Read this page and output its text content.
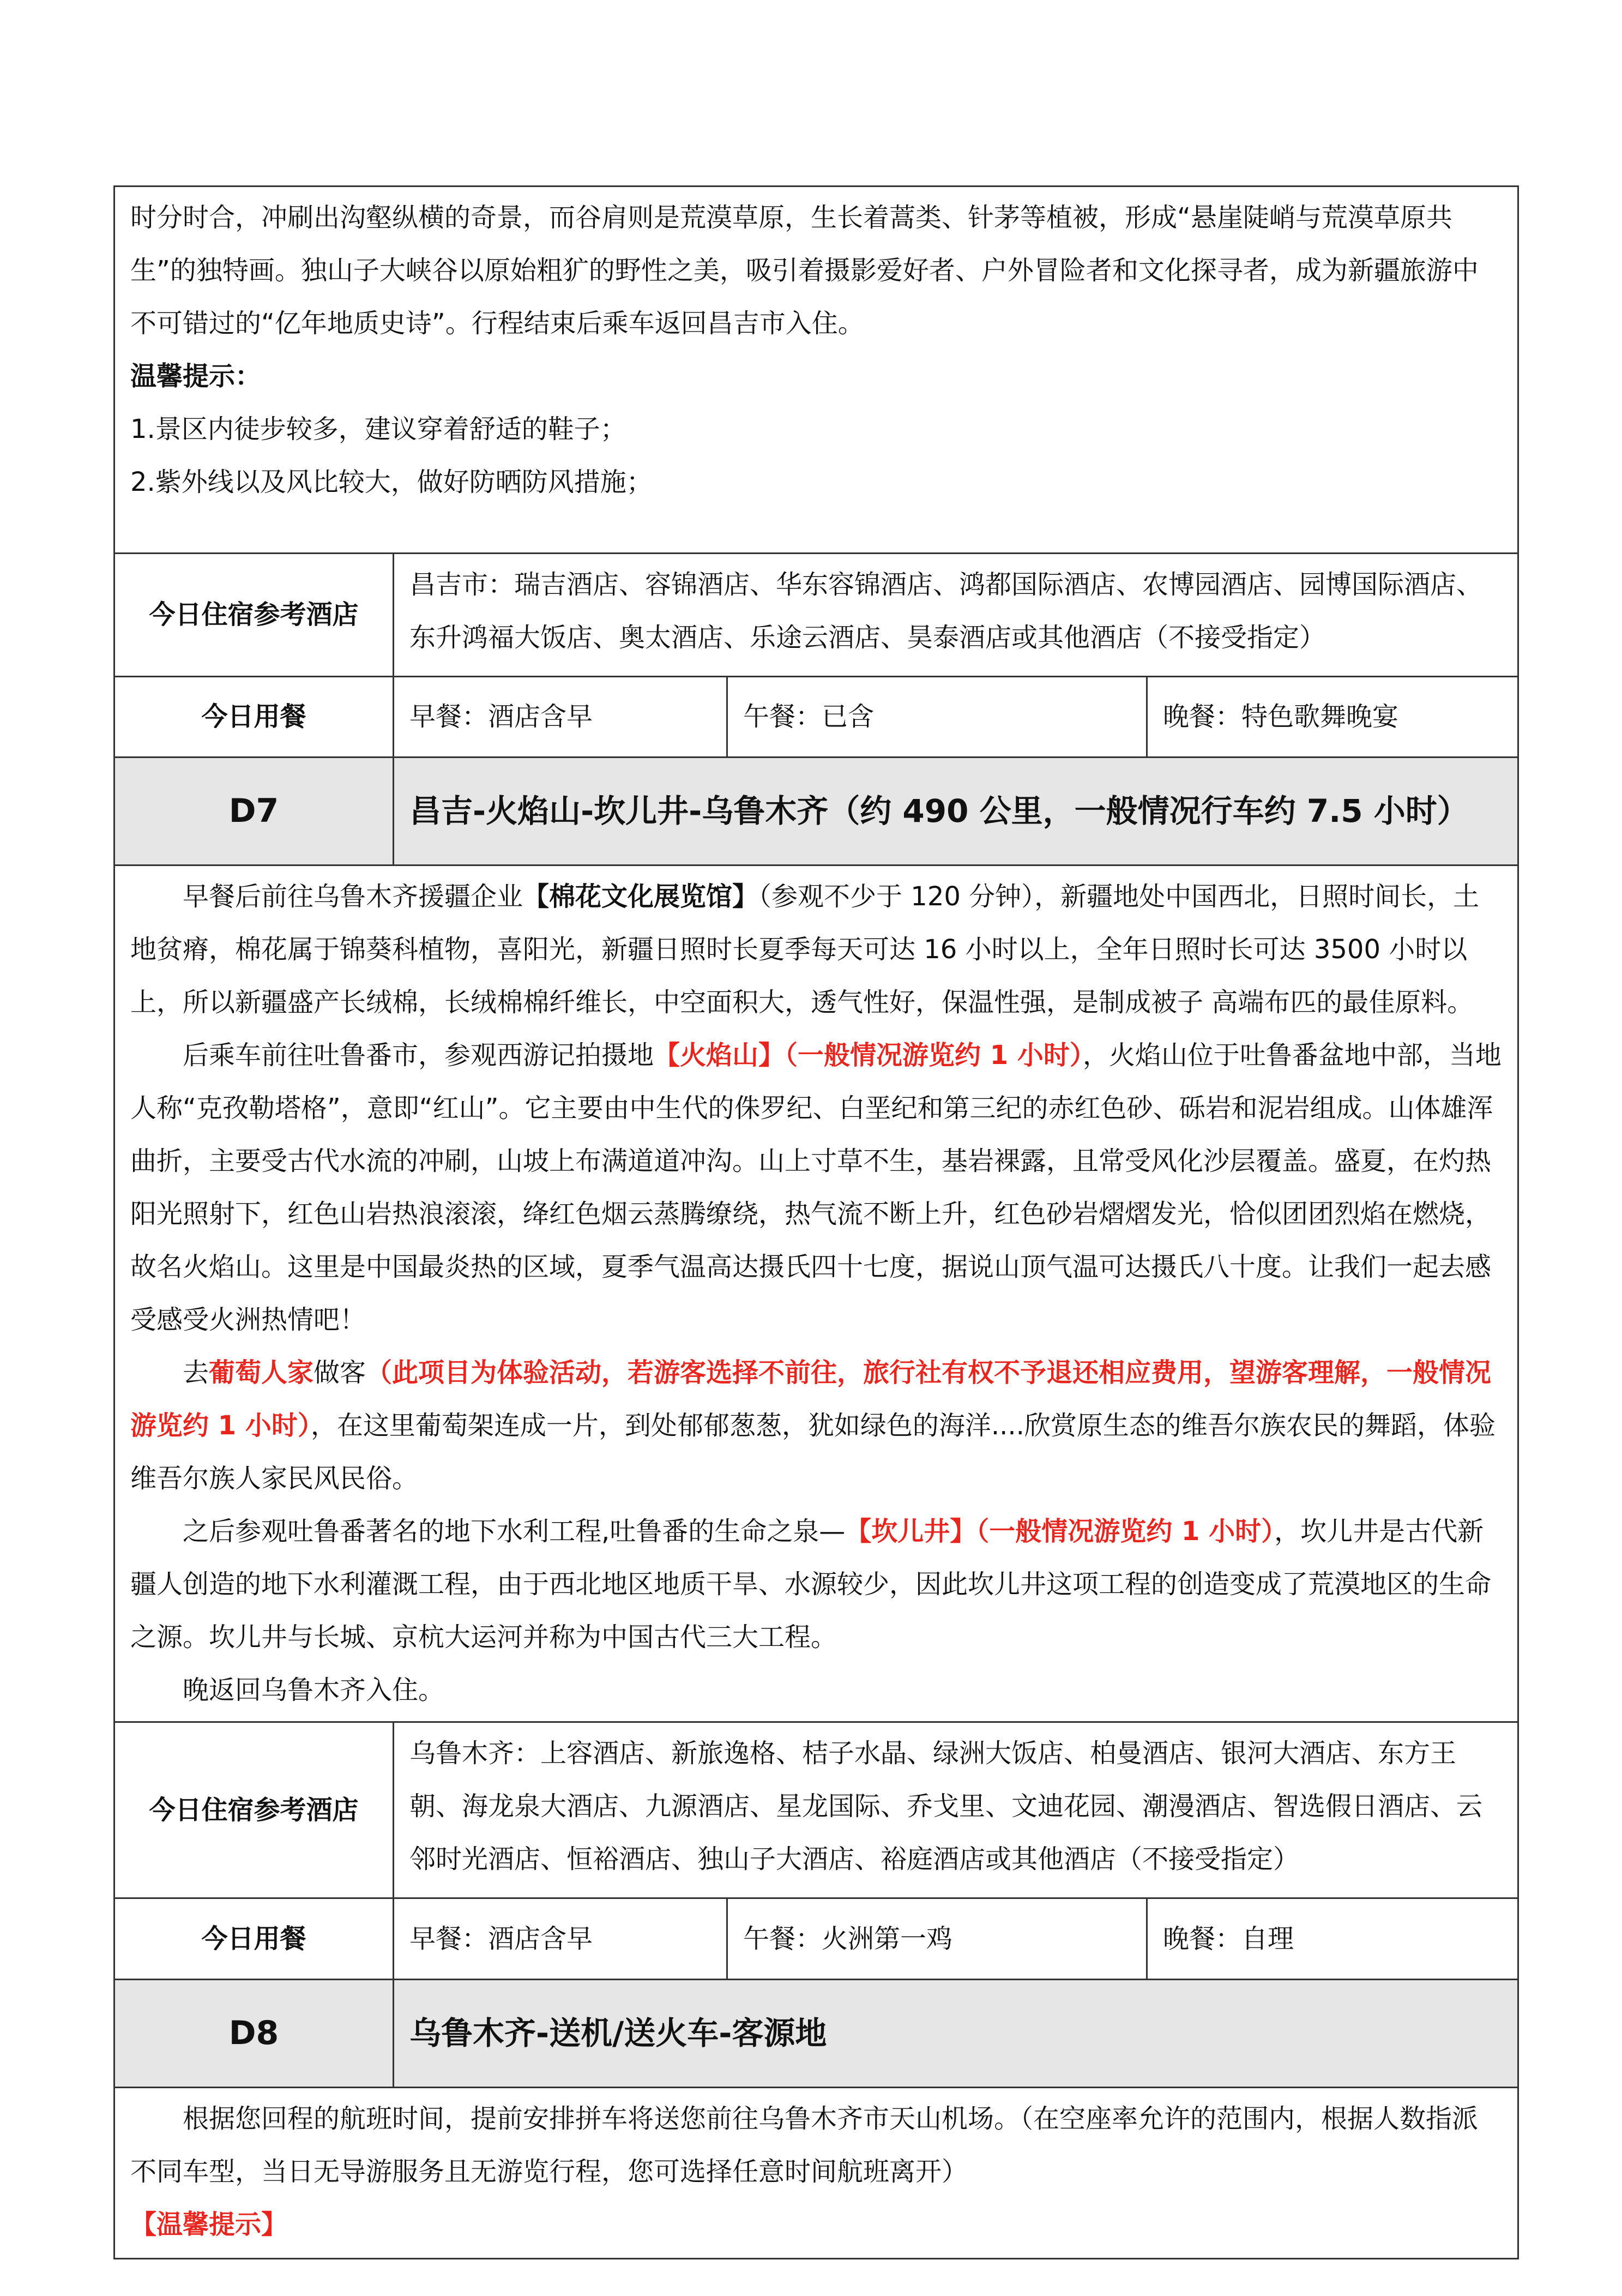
时分时合，冲刷出沟壑纵横的奇景，而谷肩则是荒漠草原，生长着蒿类、针茅等植被，形成“悬崖陡峭与荒漠草原共生”的独特画。独山子大峡谷以原始粗犷的野性之美，吸引着摄影爱好者、户外冒险者和文化探寻者，成为新疆旅游中不可错过的“亿年地质史诗”。行程结束后乘车返回昌吉市入住。

温馨提示：

1.景区内徒步较多，建议穿着舒适的鞋子；

2.紫外线以及风比较大，做好防晒防风措施；			

今日住宿参考酒店	昌吉市：瑞吉酒店、容锦酒店、华东容锦酒店、鸿都国际酒店、农博园酒店、园博国际酒店、东升鸿福大饭店、奥太酒店、乐途云酒店、昊泰酒店或其他酒店（不接受指定）		
今日用餐	早餐：酒店含早	午餐：已含	晚餐：特色歌舞晚宴
D7	昌吉-火焰山-坎儿井-乌鲁木齐（约 490 公里，一般情况行车约 7.5 小时）		

早餐后前往乌鲁木齐援疆企业【棉花文化展览馆】（参观不少于 120 分钟），新疆地处中国西北，日照时间长，土地贫瘠，棉花属于锦葵科植物，喜阳光，新疆日照时长夏季每天可达 16 小时以上，全年日照时长可达 3500 小时以上，所以新疆盛产长绒棉，长绒棉棉纤维长，中空面积大，透气性好，保温性强，是制成被子 高端布匹的最佳原料。

后乘车前往吐鲁番市，参观西游记拍摄地【火焰山】（一般情况游览约 1 小时），火焰山位于吐鲁番盆地中部，当地人称“克孜勒塔格”，意即“红山”。它主要由中生代的侏罗纪、白垩纪和第三纪的赤红色砂、砾岩和泥岩组成。山体雄浑曲折，主要受古代水流的冲刷，山坡上布满道道冲沟。山上寸草不生，基岩裸露，且常受风化沙层覆盖。盛夏，在灼热阳光照射下，红色山岩热浪滚滚，绛红色烟云蒸腾缭绕，热气流不断上升，红色砂岩熠熠发光，恰似团团烈焰在燃烧，故名火焰山。这里是中国最炎热的区域，夏季气温高达摄氏四十七度，据说山顶气温可达摄氏八十度。让我们一起去感受感受火洲热情吧！

去葡萄人家做客（此项目为体验活动，若游客选择不前往，旅行社有权不予退还相应费用，望游客理解，一般情况游览约 1 小时），在这里葡萄架连成一片，到处郁郁葱葱，犹如绿色的海洋....欣赏原生态的维吾尔族农民的舞蹈，体验维吾尔族人家民风民俗。

之后参观吐鲁番著名的地下水利工程,吐鲁番的生命之泉—【坎儿井】（一般情况游览约 1 小时），坎儿井是古代新疆人创造的地下水利灌溉工程，由于西北地区地质干旱、水源较少，因此坎儿井这项工程的创造变成了荒漠地区的生命之源。坎儿井与长城、京杭大运河并称为中国古代三大工程。

晚返回乌鲁木齐入住。			

今日住宿参考酒店	乌鲁木齐：上容酒店、新旅逸格、桔子水晶、绿洲大饭店、柏曼酒店、银河大酒店、东方王朝、海龙泉大酒店、九源酒店、星龙国际、乔戈里、文迪花园、潮漫酒店、智选假日酒店、云邻时光酒店、恒裕酒店、独山子大酒店、裕庭酒店或其他酒店（不接受指定）		
今日用餐	早餐：酒店含早	午餐：火洲第一鸡	晚餐：自理
D8	乌鲁木齐-送机/送火车-客源地		

根据您回程的航班时间，提前安排拼车将送您前往乌鲁木齐市天山机场。（在空座率允许的范围内，根据人数指派不同车型，当日无导游服务且无游览行程，您可选择任意时间航班离开）

【温馨提示】			
